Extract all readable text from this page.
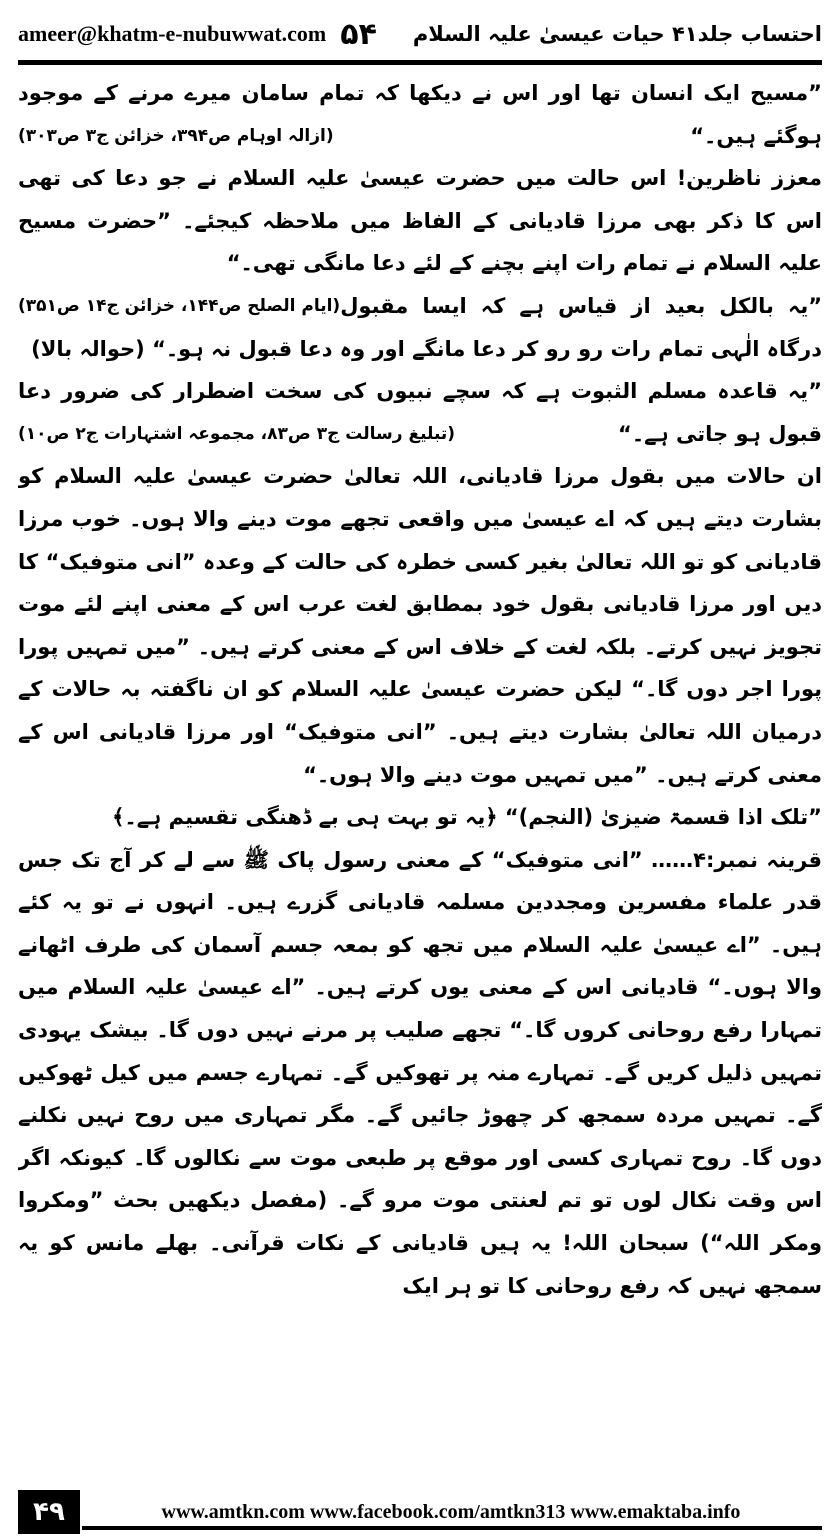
ameer@khatm-e-nubuwwat.com ۵۴ احتساب جلد۴۱ حیات عیسیٰ علیہ السلام

”مسیح ایک انسان تھا اور اس نے دیکھا کہ تمام سامان میرے مرنے کے موجود ہوگئے ہیں۔“
(ازالہ اوہام ص۳۹۴، خزائن ج۳ ص۳۰۳)

معزز ناظرین! اس حالت میں حضرت عیسیٰ علیہ السلام نے جو دعا کی تھی اس کا ذکر بھی مرزا قادیانی کے الفاظ میں ملاحظہ کیجئے۔ ”حضرت مسیح علیہ السلام نے تمام رات اپنے بچنے کے لئے دعا مانگی تھی۔“
(ایام الصلح ص۱۴۴، خزائن ج۱۴ ص۳۵۱) ”یہ بالکل بعید از قیاس ہے کہ ایسا مقبول درگاہ الٰہی تمام رات رو رو کر دعا مانگے اور وہ دعا قبول نہ ہو۔“ (حوالہ بالا)

”یہ قاعدہ مسلم الثبوت ہے کہ سچے نبیوں کی سخت اضطرار کی ضرور دعا قبول ہو جاتی ہے۔“
(تبلیغ رسالت ج۳ ص۸۳، مجموعہ اشتہارات ج۲ ص۱۰)

ان حالات میں بقول مرزا قادیانی، اللہ تعالیٰ حضرت عیسیٰ علیہ السلام کو بشارت دیتے ہیں کہ اے عیسیٰ میں واقعی تجھے موت دینے والا ہوں۔ خوب مرزا قادیانی کو تو اللہ تعالیٰ بغیر کسی خطرہ کی حالت کے وعدہ ”انی متوفیک“ کا دیں اور مرزا قادیانی بقول خود بمطابق لغت عرب اس کے معنی اپنے لئے موت تجویز نہیں کرتے۔ بلکہ لغت کے خلاف اس کے معنی کرتے ہیں۔ ”میں تمہیں پورا پورا اجر دوں گا۔“ لیکن حضرت عیسیٰ علیہ السلام کو ان ناگفتہ بہ حالات کے درمیان اللہ تعالیٰ بشارت دیتے ہیں۔ ”انی متوفیک“ اور مرزا قادیانی اس کے معنی کرتے ہیں۔ ”میں تمہیں موت دینے والا ہوں۔“

”تلک اذا قسمۃ ضیزیٰ (النجم)“ ﴿یہ تو بہت ہی بے ڈھنگی تقسیم ہے۔﴾

قرینہ نمبر:۴…… ”انی متوفیک“ کے معنی رسول پاک ﷺ سے لے کر آج تک جس قدر علماء مفسرین ومجددین مسلمہ قادیانی گزرے ہیں۔ انہوں نے تو یہ کئے ہیں۔ ”اے عیسیٰ علیہ السلام میں تجھ کو بمعہ جسم آسمان کی طرف اٹھانے والا ہوں۔“ قادیانی اس کے معنی یوں کرتے ہیں۔ ”اے عیسیٰ علیہ السلام میں تمہارا رفع روحانی کروں گا۔“ تجھے صلیب پر مرنے نہیں دوں گا۔ بیشک یہودی تمہیں ذلیل کریں گے۔ تمہارے منہ پر تھوکیں گے۔ تمہارے جسم میں کیل ٹھوکیں گے۔ تمہیں مردہ سمجھ کر چھوڑ جائیں گے۔ مگر تمہاری میں روح نہیں نکلنے دوں گا۔ روح تمہاری کسی اور موقع پر طبعی موت سے نکالوں گا۔ کیونکہ اگر اس وقت نکال لوں تو تم لعنتی موت مرو گے۔ (مفصل دیکھیں بحث ”ومکروا ومکر اللہ“) سبحان اللہ! یہ ہیں قادیانی کے نکات قرآنی۔ بھلے مانس کو یہ سمجھ نہیں کہ رفع روحانی کا تو ہر ایک

۴۹	www.amtkn.com www.facebook.com/amtkn313 www.emaktaba.info
